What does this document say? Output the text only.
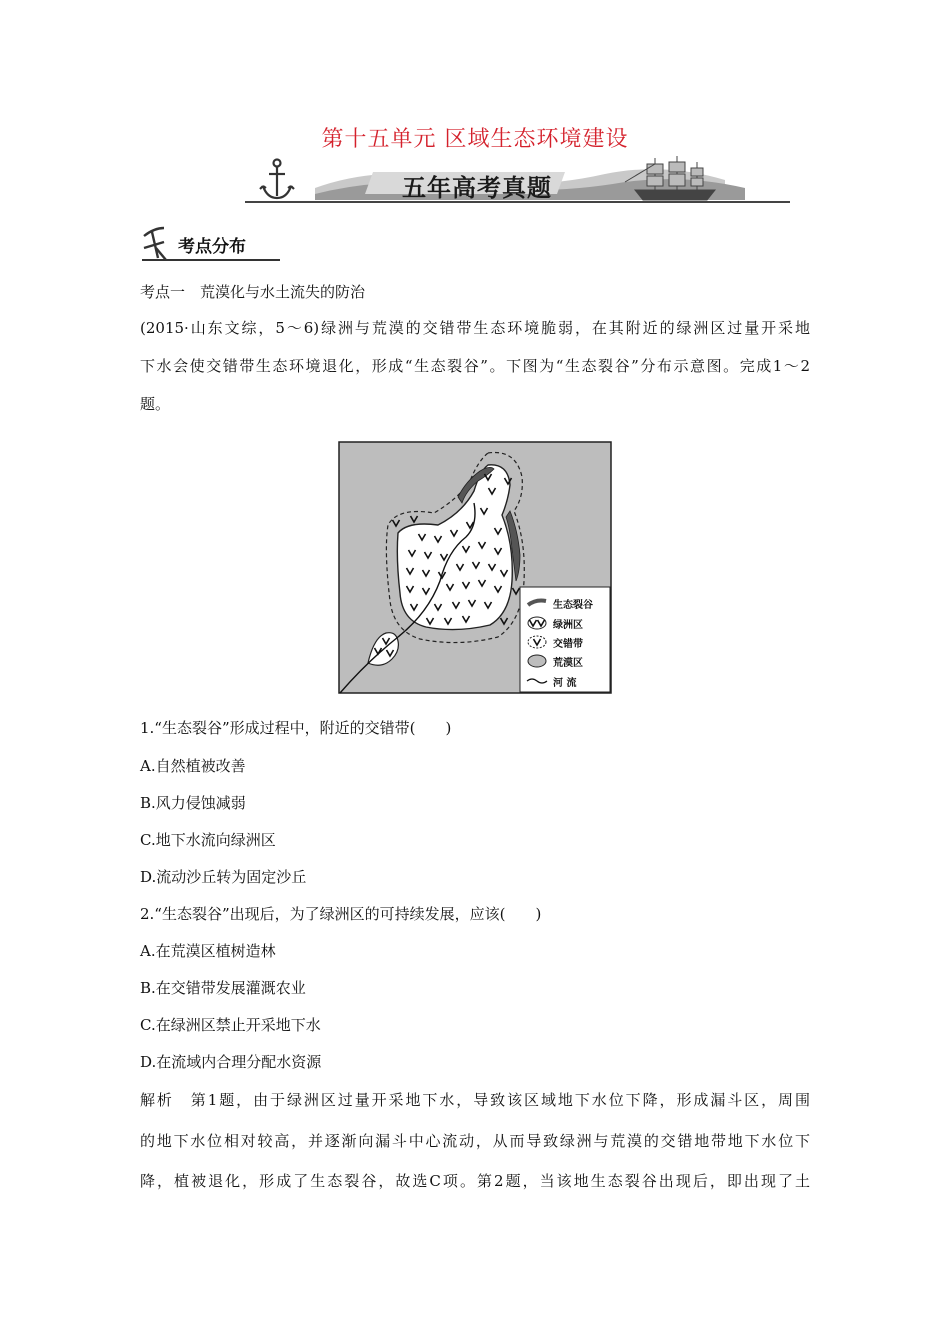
第十五单元 区域生态环境建设
五年高考真题
考点分布
考点一　荒漠化与水土流失的防治
(2015·山东文综，5～6)绿洲与荒漠的交错带生态环境脆弱，在其附近的绿洲区过量开采地
下水会使交错带生态环境退化，形成“生态裂谷”。下图为“生态裂谷”分布示意图。完成1～2
题。
生态裂谷
绿洲区
交错带
荒漠区
河 流
1.“生态裂谷”形成过程中，附近的交错带(　　)
A.自然植被改善
B.风力侵蚀减弱
C.地下水流向绿洲区
D.流动沙丘转为固定沙丘
2.“生态裂谷”出现后，为了绿洲区的可持续发展，应该(　　)
A.在荒漠区植树造林
B.在交错带发展灌溉农业
C.在绿洲区禁止开采地下水
D.在流域内合理分配水资源
解析　第1题，由于绿洲区过量开采地下水，导致该区域地下水位下降，形成漏斗区，周围
的地下水位相对较高，并逐渐向漏斗中心流动，从而导致绿洲与荒漠的交错地带地下水位下
降，植被退化，形成了生态裂谷，故选C项。第2题，当该地生态裂谷出现后，即出现了土
